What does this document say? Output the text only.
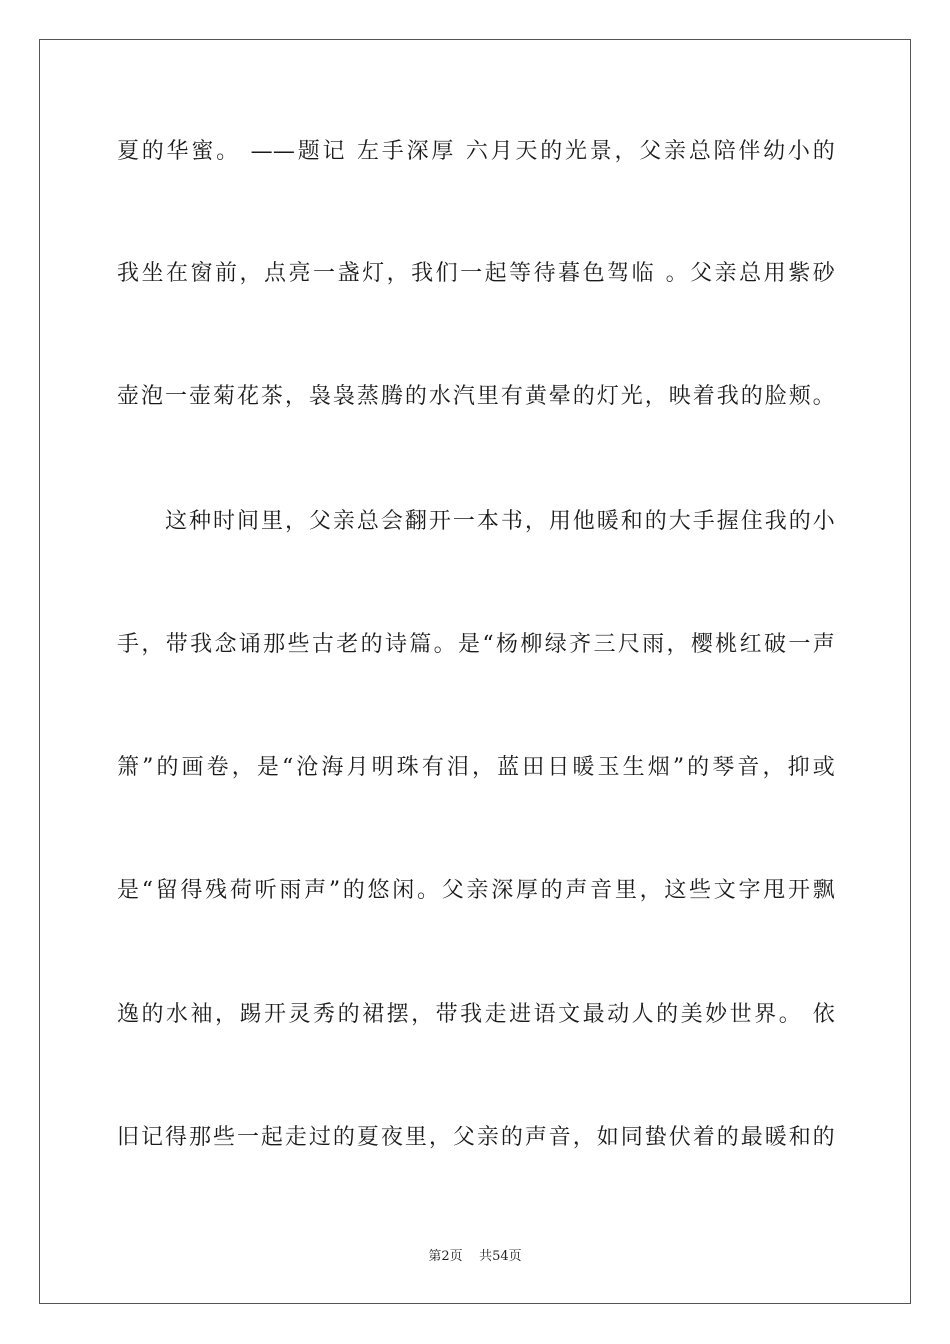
夏的华蜜。 ——题记 左手深厚 六月天的光景，父亲总陪伴幼小的
我坐在窗前，点亮一盏灯，我们一起等待暮色驾临 。父亲总用紫砂
壶泡一壶菊花茶，袅袅蒸腾的水汽里有黄晕的灯光，映着我的脸颊。
这种时间里，父亲总会翻开一本书，用他暖和的大手握住我的小
手，带我念诵那些古老的诗篇。是“杨柳绿齐三尺雨，樱桃红破一声
箫”的画卷，是“沧海月明珠有泪，蓝田日暖玉生烟”的琴音，抑或
是“留得残荷听雨声”的悠闲。父亲深厚的声音里，这些文字甩开飘
逸的水袖，踢开灵秀的裙摆，带我走进语文最动人的美妙世界。 依
旧记得那些一起走过的夏夜里，父亲的声音，如同蛰伏着的最暖和的
第2页 共54页
